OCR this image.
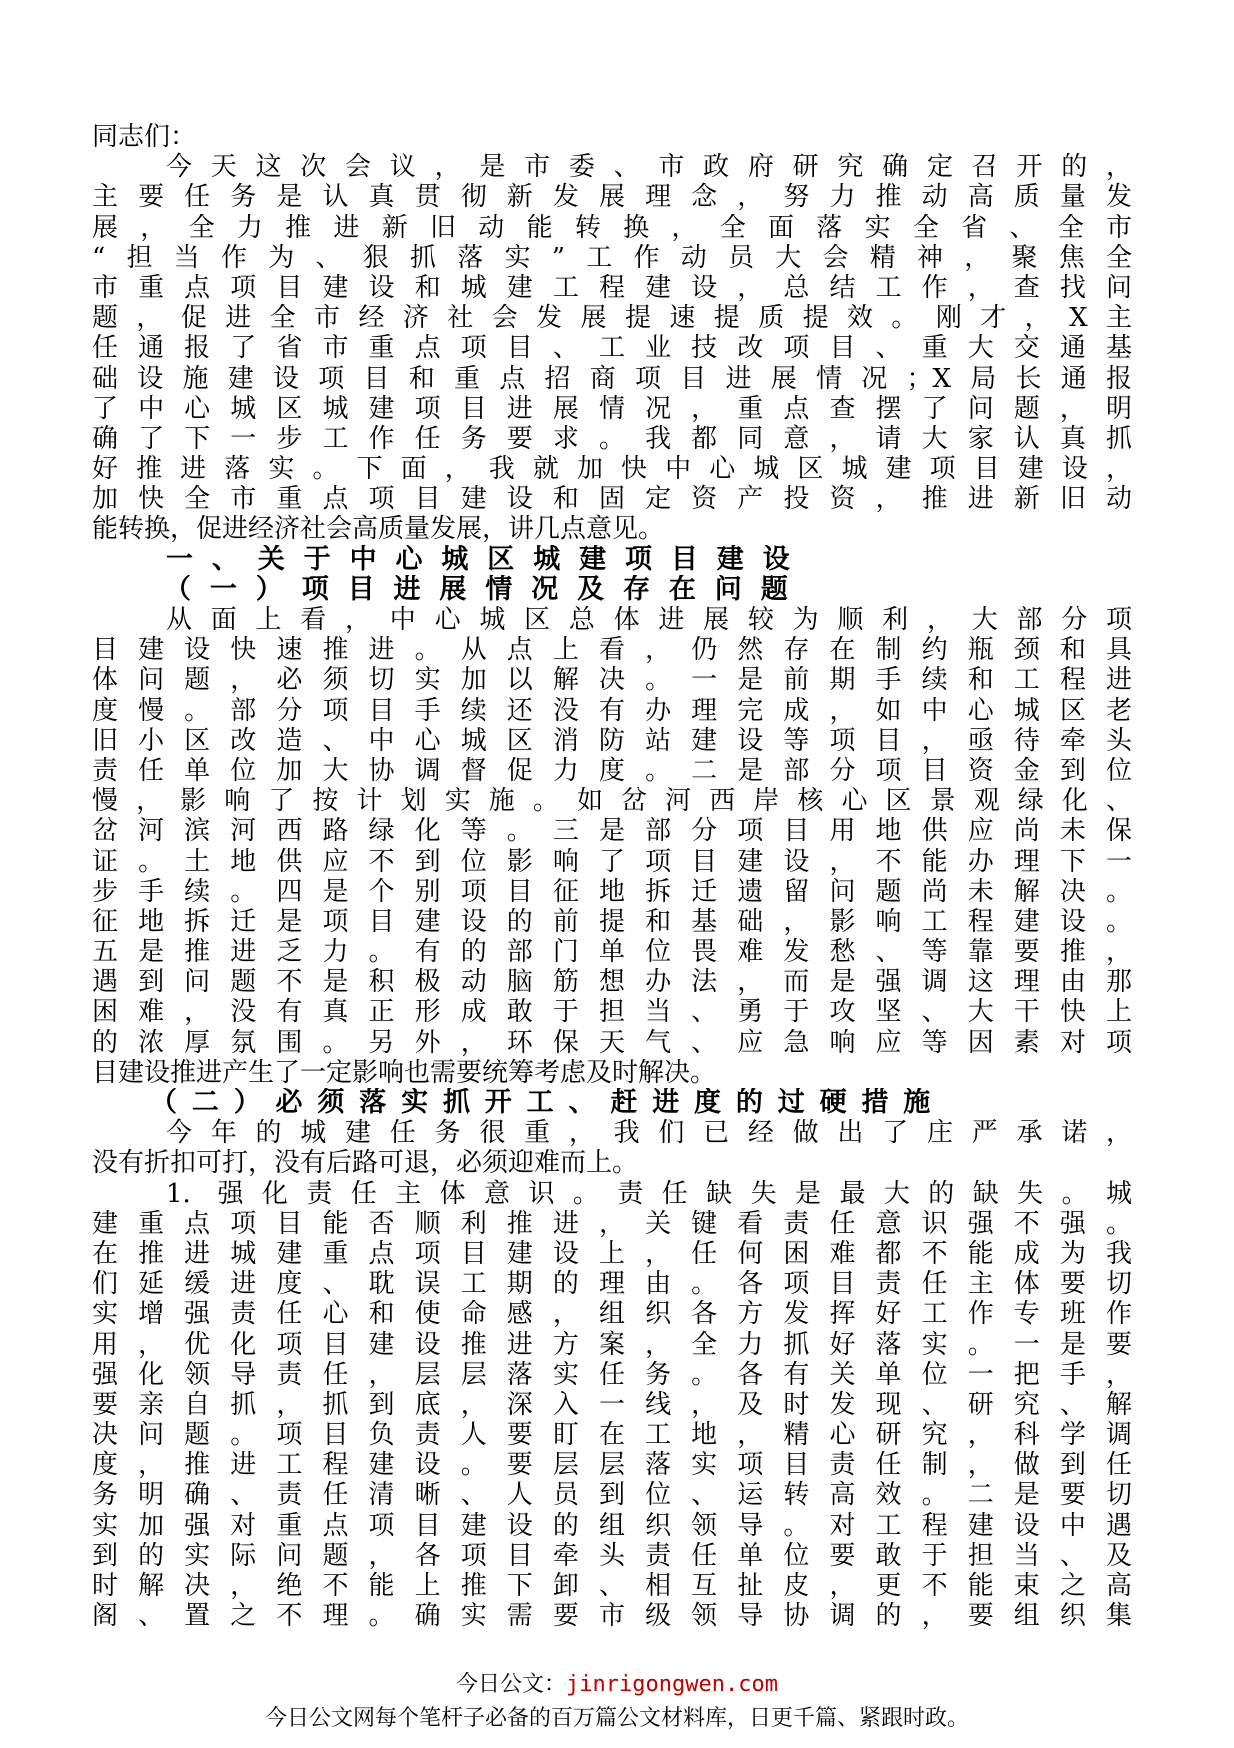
同志们：
今天这次会议，是市委、市政府研究确定召开的，
主要任务是认真贯彻新发展理念，努力推动高质量发
展，全力推进新旧动能转换，全面落实全省、全市
“担当作为、狠抓落实”工作动员大会精神，聚焦全
市重点项目建设和城建工程建设，总结工作，查找问
题，促进全市经济社会发展提速提质提效。刚才，X主
任通报了省市重点项目、工业技改项目、重大交通基
础设施建设项目和重点招商项目进展情况；X局长通报
了中心城区城建项目进展情况，重点查摆了问题，明
确了下一步工作任务要求。我都同意，请大家认真抓
好推进落实。下面，我就加快中心城区城建项目建设，
加快全市重点项目建设和固定资产投资，推进新旧动
能转换，促进经济社会高质量发展，讲几点意见。
一、关于中心城区城建项目建设
（一）项目进展情况及存在问题
从面上看，中心城区总体进展较为顺利，大部分项
目建设快速推进。从点上看，仍然存在制约瓶颈和具
体问题，必须切实加以解决。一是前期手续和工程进
度慢。部分项目手续还没有办理完成，如中心城区老
旧小区改造、中心城区消防站建设等项目，亟待牵头
责任单位加大协调督促力度。二是部分项目资金到位
慢，影响了按计划实施。如岔河西岸核心区景观绿化、
岔河滨河西路绿化等。三是部分项目用地供应尚未保
证。土地供应不到位影响了项目建设，不能办理下一
步手续。四是个别项目征地拆迁遗留问题尚未解决。
征地拆迁是项目建设的前提和基础，影响工程建设。
五是推进乏力。有的部门单位畏难发愁、等靠要推，
遇到问题不是积极动脑筋想办法，而是强调这理由那
困难，没有真正形成敢于担当、勇于攻坚、大干快上
的浓厚氛围。另外，环保天气、应急响应等因素对项
目建设推进产生了一定影响也需要统筹考虑及时解决。
（二）必须落实抓开工、赶进度的过硬措施
今年的城建任务很重，我们已经做出了庄严承诺，
没有折扣可打，没有后路可退，必须迎难而上。
1. 强化责任主体意识。责任缺失是最大的缺失。城
建重点项目能否顺利推进，关键看责任意识强不强。
在推进城建重点项目建设上，任何困难都不能成为我
们延缓进度、耽误工期的理由。各项目责任主体要切
实增强责任心和使命感，组织各方发挥好工作专班作
用，优化项目建设推进方案，全力抓好落实。一是要
强化领导责任，层层落实任务。各有关单位一把手，
要亲自抓，抓到底，深入一线，及时发现、研究、解
决问题。项目负责人要盯在工地，精心研究，科学调
度，推进工程建设。要层层落实项目责任制，做到任
务明确、责任清晰、人员到位、运转高效。二是要切
实加强对重点项目建设的组织领导。对工程建设中遇
到的实际问题，各项目牵头责任单位要敢于担当、及
时解决，绝不能上推下卸、相互扯皮，更不能束之高
阁、置之不理。确实需要市级领导协调的，要组织集
今日公文：jinrigongwen.com
今日公文网每个笔杆子必备的百万篇公文材料库，日更千篇、紧跟时政。
